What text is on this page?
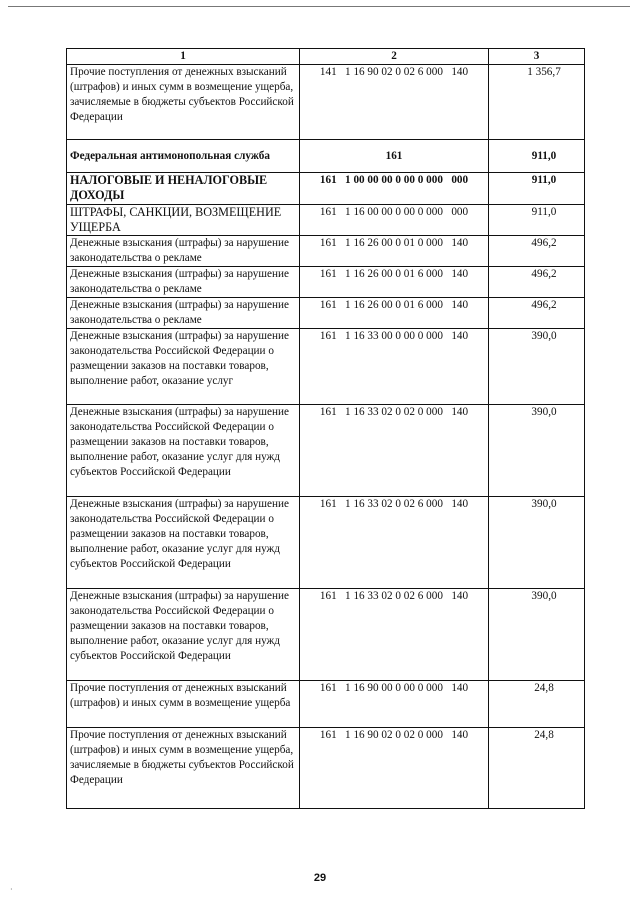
1	2	3
Прочие поступления от денежных взысканий (штрафов) и иных сумм в возмещение ущерба, зачисляемые в бюджеты субъектов Российской Федерации	141   1 16 90 02 0 02 6 000   140	1 356,7
Федеральная антимонопольная служба	161	911,0
НАЛОГОВЫЕ И НЕНАЛОГОВЫЕ ДОХОДЫ	161   1 00 00 00 0 00 0 000   000	911,0
ШТРАФЫ, САНКЦИИ, ВОЗМЕЩЕНИЕ УЩЕРБА	161   1 16 00 00 0 00 0 000   000	911,0
Денежные взыскания (штрафы) за нарушение законодательства о рекламе	161   1 16 26 00 0 01 0 000   140	496,2
Денежные взыскания (штрафы) за нарушение законодательства о рекламе	161   1 16 26 00 0 01 6 000   140	496,2
Денежные взыскания (штрафы) за нарушение законодательства о рекламе	161   1 16 26 00 0 01 6 000   140	496,2
Денежные взыскания (штрафы) за нарушение законодательства Российской Федерации о размещении заказов на поставки товаров, выполнение работ, оказание услуг	161   1 16 33 00 0 00 0 000   140	390,0
Денежные взыскания (штрафы) за нарушение законодательства Российской Федерации о размещении заказов на поставки товаров, выполнение работ, оказание услуг для нужд субъектов Российской Федерации	161   1 16 33 02 0 02 0 000   140	390,0
Денежные взыскания (штрафы) за нарушение законодательства Российской Федерации о размещении заказов на поставки товаров, выполнение работ, оказание услуг для нужд субъектов Российской Федерации	161   1 16 33 02 0 02 6 000   140	390,0
Денежные взыскания (штрафы) за нарушение законодательства Российской Федерации о размещении заказов на поставки товаров, выполнение работ, оказание услуг для нужд субъектов Российской Федерации	161   1 16 33 02 0 02 6 000   140	390,0
Прочие поступления от денежных взысканий (штрафов) и иных сумм в возмещение ущерба	161   1 16 90 00 0 00 0 000   140	24,8
Прочие поступления от денежных взысканий (штрафов) и иных сумм в возмещение ущерба, зачисляемые в бюджеты субъектов Российской Федерации	161   1 16 90 02 0 02 0 000   140	24,8
29
·
